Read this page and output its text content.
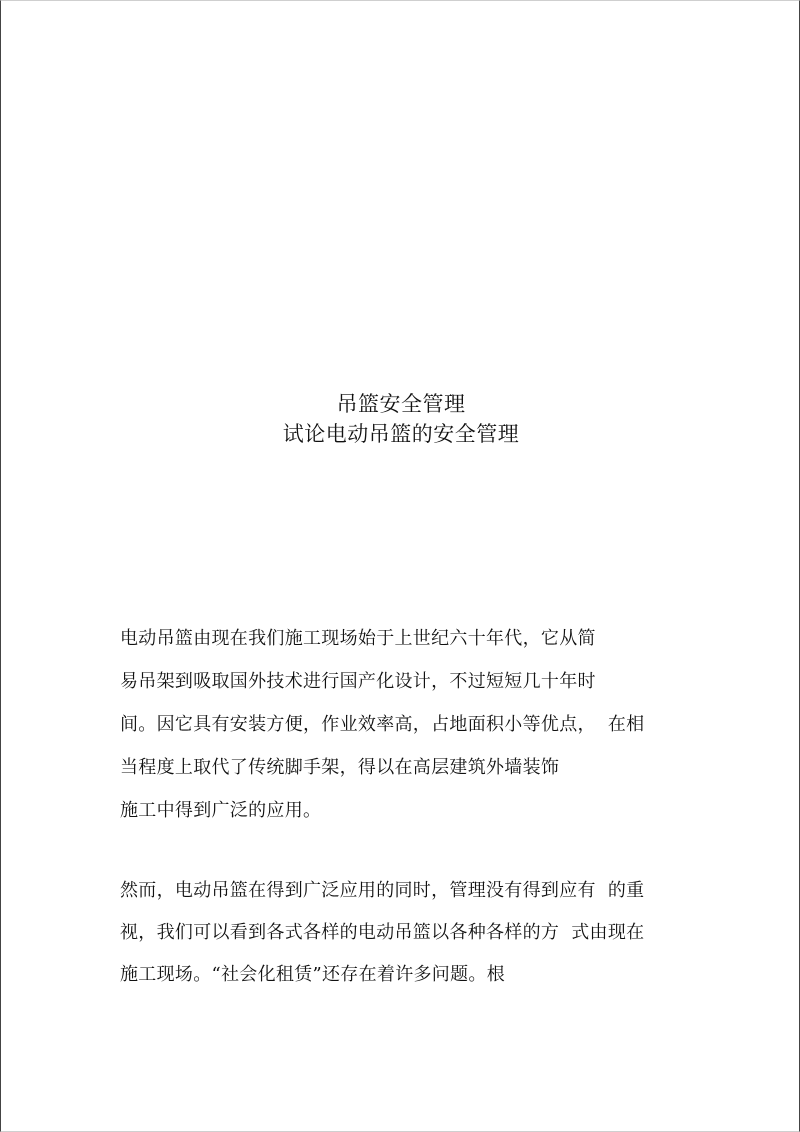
吊篮安全管理
试论电动吊篮的安全管理

电动吊篮由现在我们施工现场始于上世纪六十年代，它从简

易吊架到吸取国外技术进行国产化设计，不过短短几十年时

间。因它具有安装方便，作业效率高，占地面积小等优点，  在相

当程度上取代了传统脚手架，得以在高层建筑外墙装饰

施工中得到广泛的应用。

然而，电动吊篮在得到广泛应用的同时，管理没有得到应有  的重

视，我们可以看到各式各样的电动吊篮以各种各样的方  式由现在

施工现场。“社会化租赁”还存在着许多问题。根
